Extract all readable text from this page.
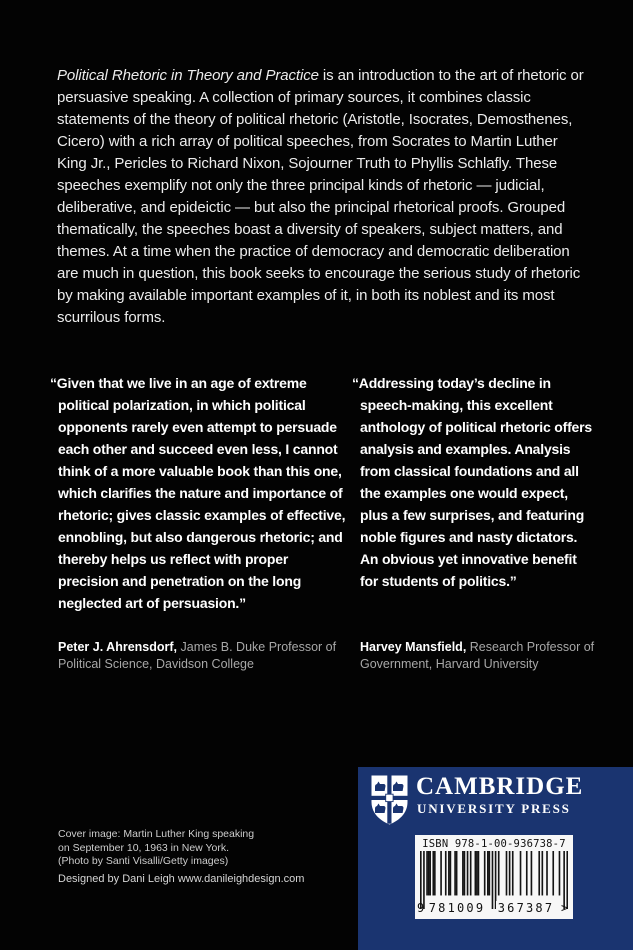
Political Rhetoric in Theory and Practice is an introduction to the art of rhetoric or persuasive speaking. A collection of primary sources, it combines classic statements of the theory of political rhetoric (Aristotle, Isocrates, Demosthenes, Cicero) with a rich array of political speeches, from Socrates to Martin Luther King Jr., Pericles to Richard Nixon, Sojourner Truth to Phyllis Schlafly. These speeches exemplify not only the three principal kinds of rhetoric — judicial, deliberative, and epideictic — but also the principal rhetorical proofs. Grouped thematically, the speeches boast a diversity of speakers, subject matters, and themes. At a time when the practice of democracy and democratic deliberation are much in question, this book seeks to encourage the serious study of rhetoric by making available important examples of it, in both its noblest and its most scurrilous forms.

“Given that we live in an age of extreme political polarization, in which political opponents rarely even attempt to persuade each other and succeed even less, I cannot think of a more valuable book than this one, which clarifies the nature and importance of rhetoric; gives classic examples of effective, ennobling, but also dangerous rhetoric; and thereby helps us reflect with proper precision and penetration on the long neglected art of persuasion.”
“Addressing today’s decline in speech-making, this excellent anthology of political rhetoric offers analysis and examples. Analysis from classical foundations and all the examples one would expect, plus a few surprises, and featuring noble figures and nasty dictators. An obvious yet innovative benefit for students of politics.”
Peter J. Ahrensdorf, James B. Duke Professor of Political Science, Davidson College
Harvey Mansfield, Research Professor of Government, Harvard University
Cover image: Martin Luther King speaking
on September 10, 1963 in New York.
(Photo by Santi Visalli/Getty images)
Designed by Dani Leigh www.danileighdesign.com
CAMBRIDGE
UNIVERSITY PRESS
ISBN 978-1-00-936738-7
9 781009 367387 >
